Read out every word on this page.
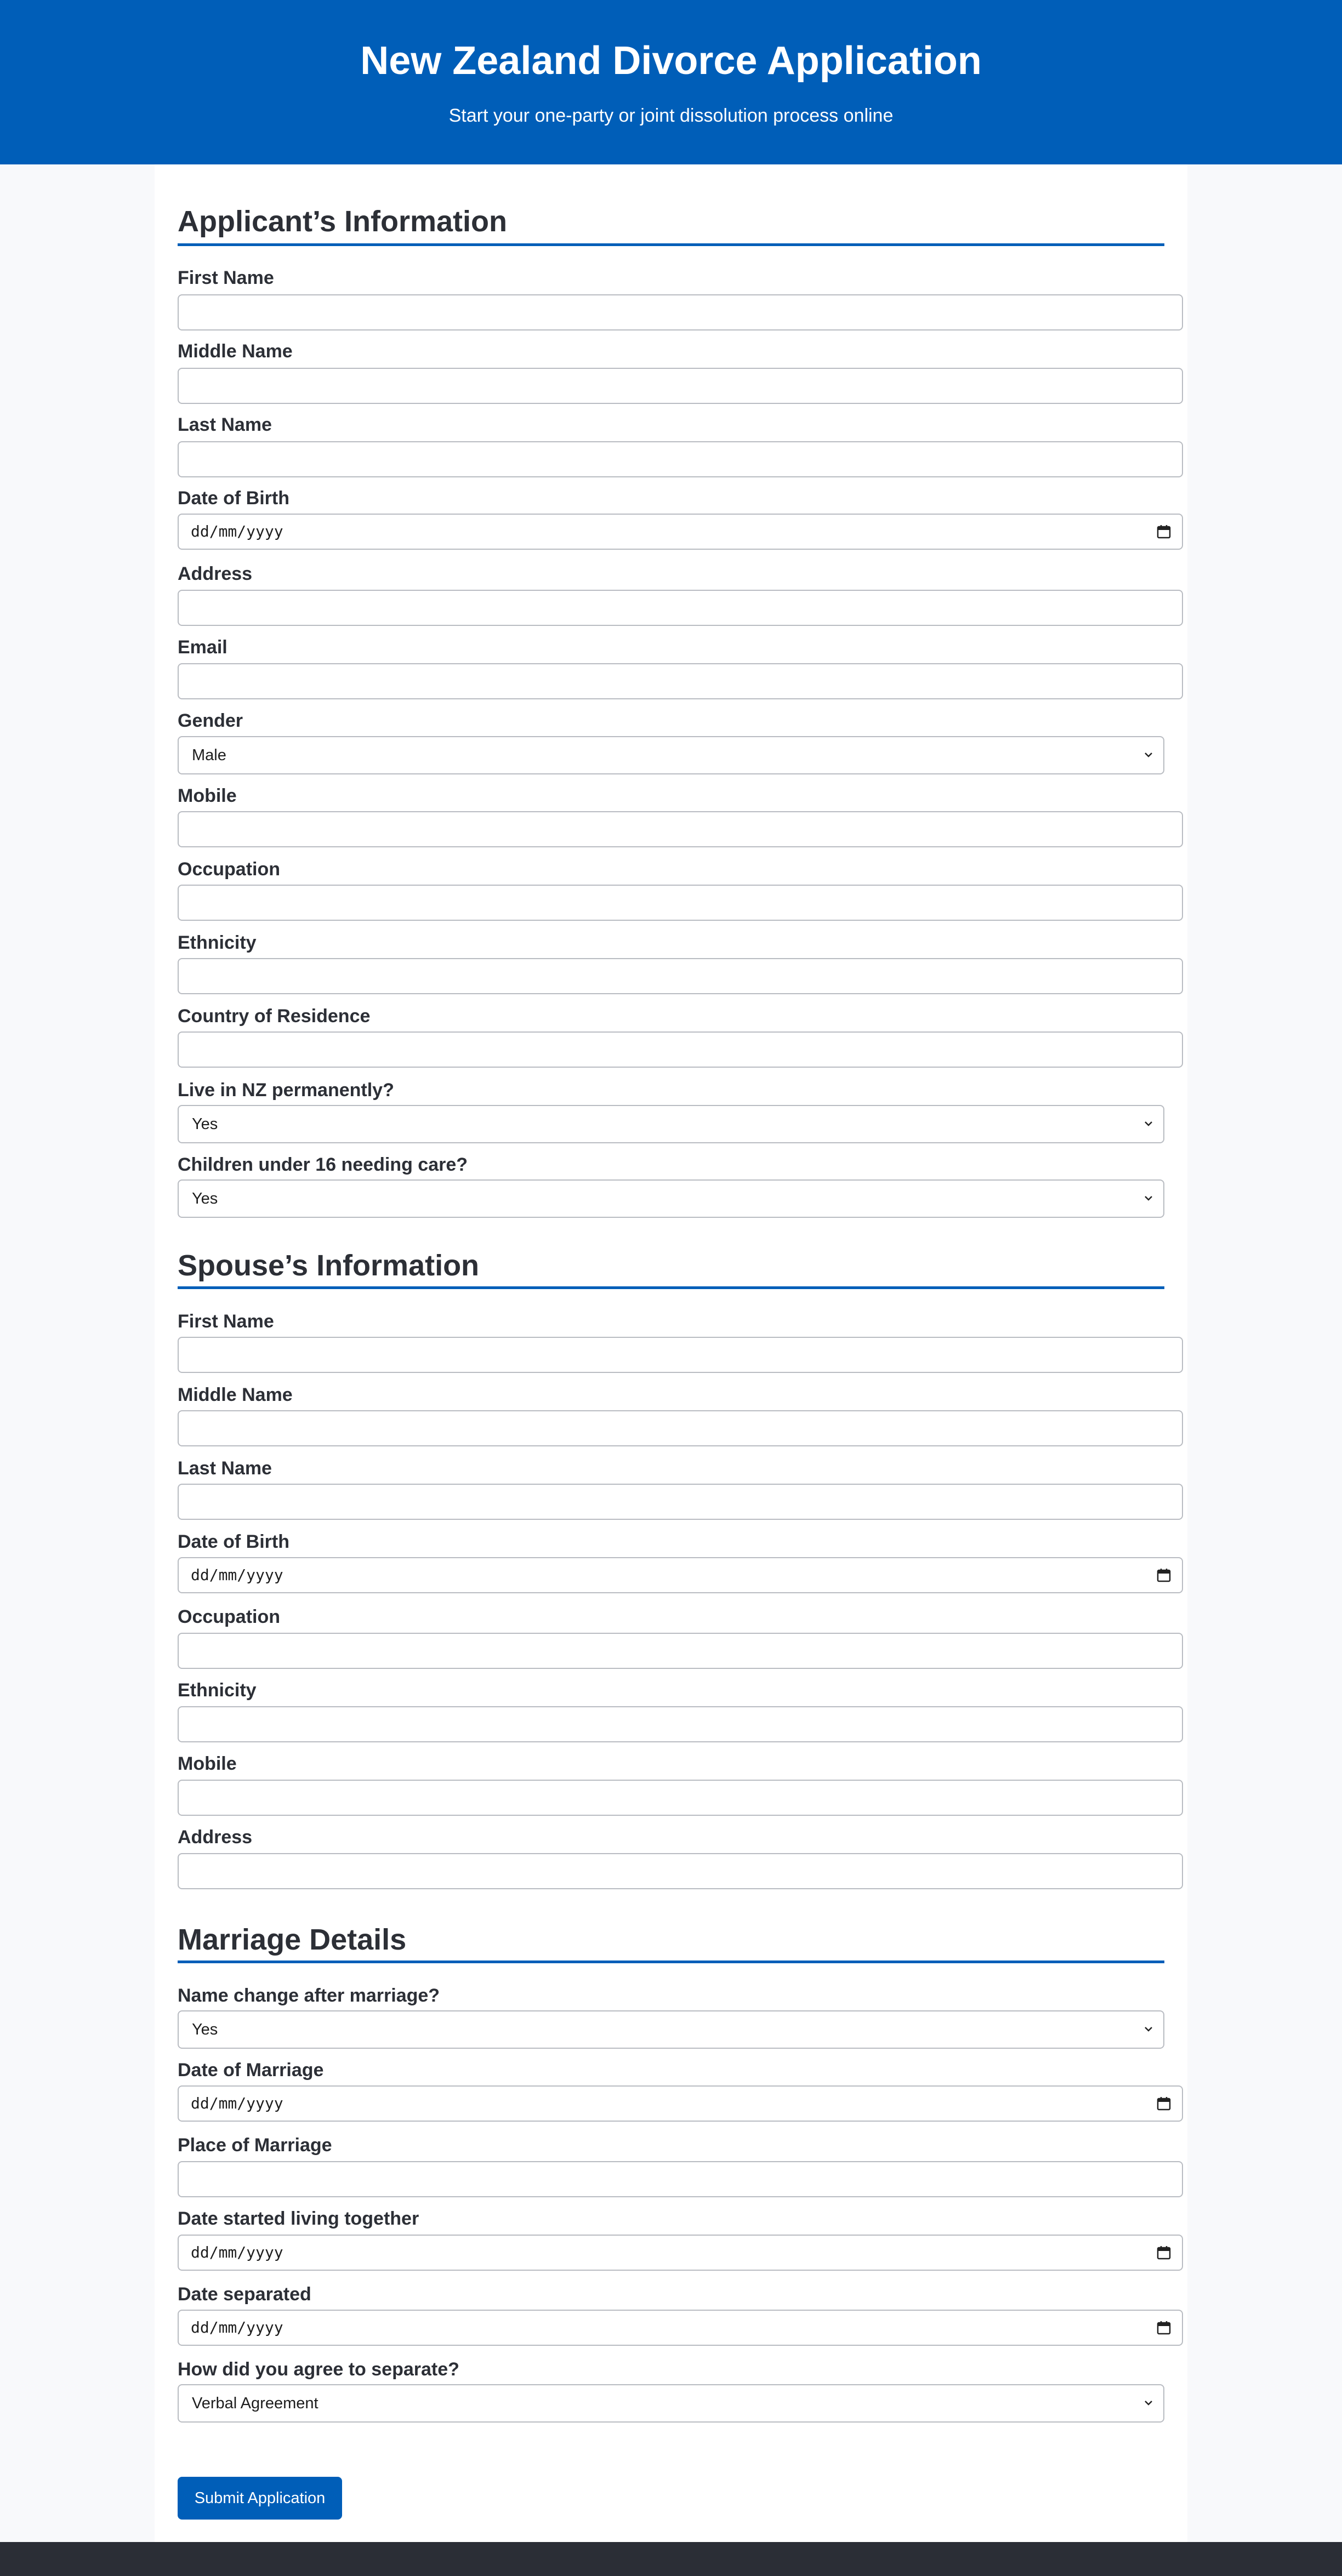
New Zealand Divorce Application

Start your one-party or joint dissolution process online

Applicant’s Information
First Name
Middle Name
Last Name
Date of Birth
dd/mm/yyyy
Address
Email
Gender
Male
Mobile
Occupation
Ethnicity
Country of Residence
Live in NZ permanently?
Yes
Children under 16 needing care?
Yes
Spouse’s Information
First Name
Middle Name
Last Name
Date of Birth
dd/mm/yyyy
Occupation
Ethnicity
Mobile
Address
Marriage Details
Name change after marriage?
Yes
Date of Marriage
dd/mm/yyyy
Place of Marriage
Date started living together
dd/mm/yyyy
Date separated
dd/mm/yyyy
How did you agree to separate?
Verbal Agreement
Submit Application
